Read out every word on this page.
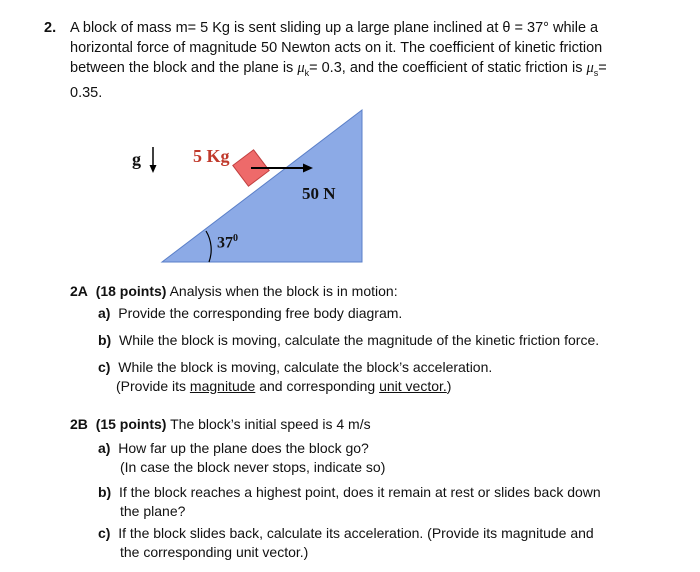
2. A block of mass m= 5 Kg is sent sliding up a large plane inclined at θ = 37° while a
horizontal force of magnitude 50 Newton acts on it. The coefficient of kinetic friction
between the block and the plane is $\mu_k= 0.3$, and the coefficient of static friction is $\mu_s=$
0.35.
g	5 Kg
50 N
$37^0$
2A (18 points) Analysis when the block is in motion:
a) Provide the corresponding free body diagram.
b) While the block is moving, calculate the magnitude of the kinetic friction force.
c) While the block is moving, calculate the block’s acceleration.
(Provide its magnitude and corresponding unit vector.)
2B (15 points) The block’s initial speed is 4 m/s
a) How far up the plane does the block go?
(In case the block never stops, indicate so)
b) If the block reaches a highest point, does it remain at rest or slides back down
the plane?
c) If the block slides back, calculate its acceleration. (Provide its magnitude and
the corresponding unit vector.)
